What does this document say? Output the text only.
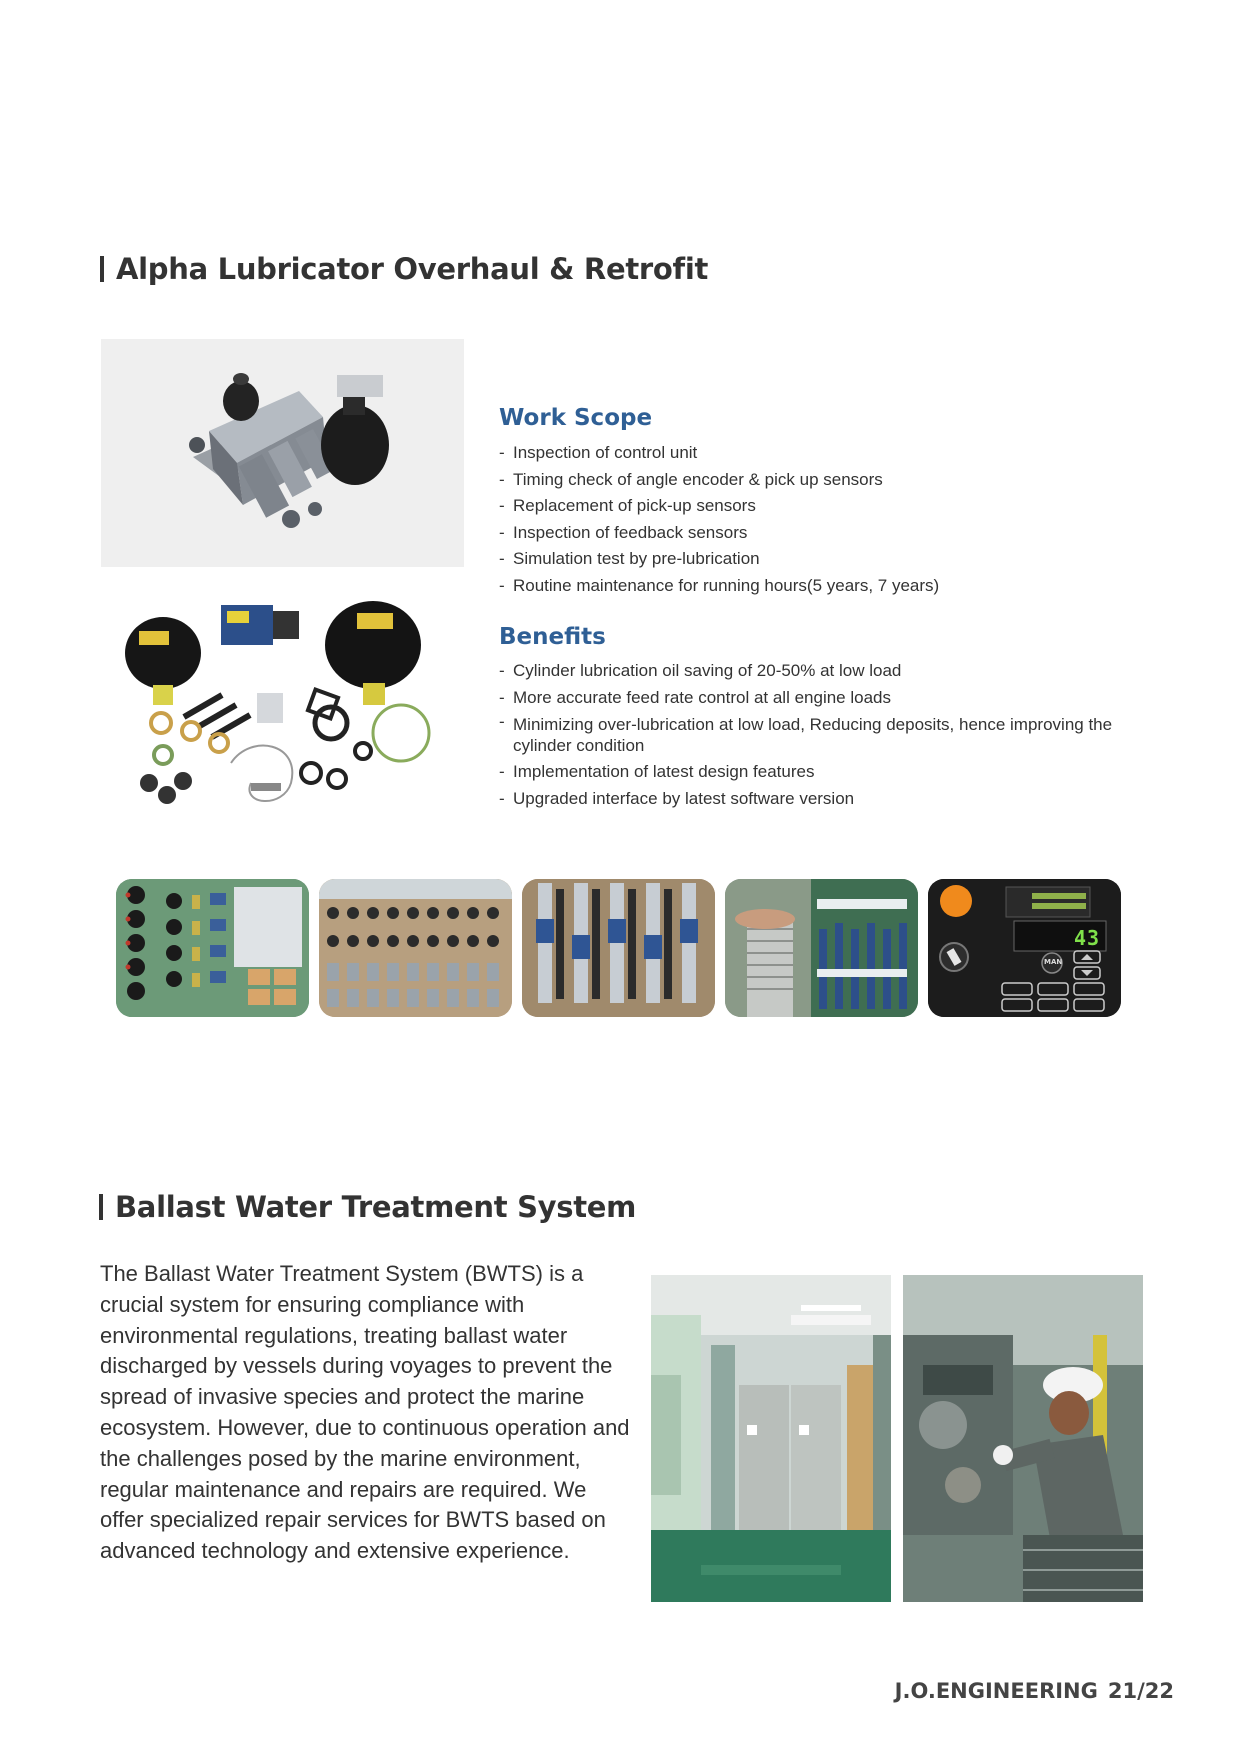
Alpha Lubricator Overhaul & Retrofit
Work Scope
- Inspection of control unit
- Timing check of angle encoder & pick up sensors
- Replacement of pick-up sensors
- Inspection of feedback sensors
- Simulation test by pre-lubrication
- Routine maintenance for running hours(5 years, 7 years)
Benefits
- Cylinder lubrication oil saving of 20-50% at low load
- More accurate feed rate control at all engine loads
- Minimizing over-lubrication at low load, Reducing deposits, hence improving the cylinder condition
- Implementation of latest design features
- Upgraded interface by latest software version
43
MAN
Ballast Water Treatment System

The Ballast Water Treatment System (BWTS) is a crucial system for ensuring compliance with environmental regulations, treating ballast water discharged by vessels during voyages to prevent the spread of invasive species and protect the marine ecosystem. However, due to continuous operation and the challenges posed by the marine environment, regular maintenance and repairs are required. We offer specialized repair services for BWTS based on advanced technology and extensive experience.

J.O.ENGINEERING 21/22
